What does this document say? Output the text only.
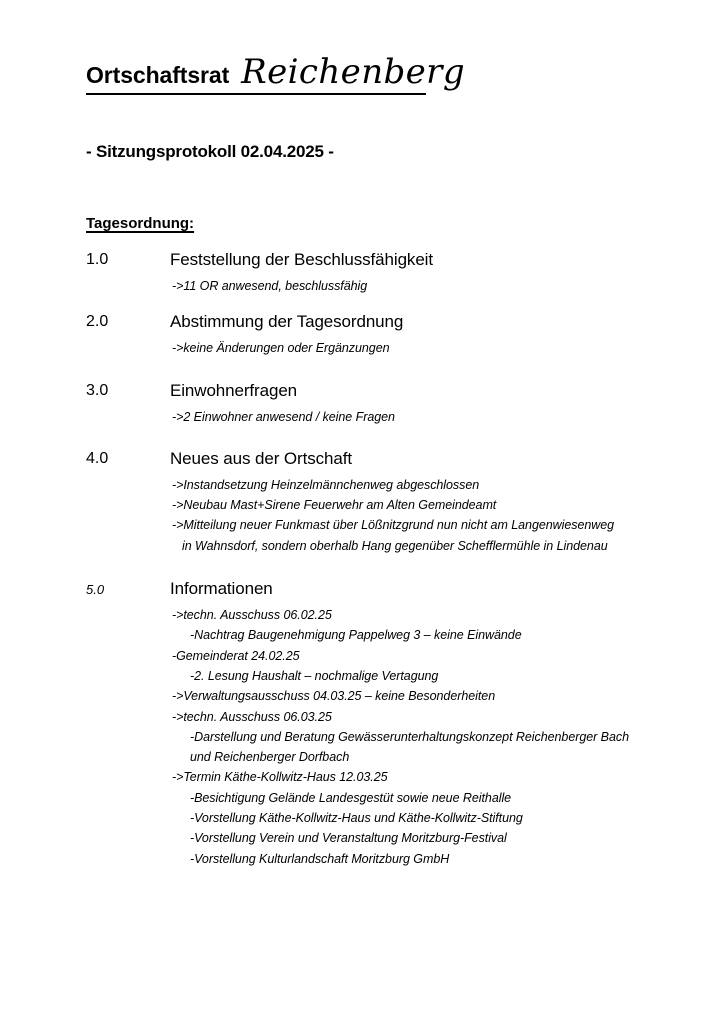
Ortschaftsrat Reichenberg
- Sitzungsprotokoll 02.04.2025 -
Tagesordnung:
1.0	Feststellung der Beschlussfähigkeit
->11 OR anwesend, beschlussfähig
2.0	Abstimmung der Tagesordnung
->keine Änderungen oder Ergänzungen
3.0	Einwohnerfragen
->2 Einwohner anwesend / keine Fragen
4.0	Neues aus der Ortschaft
->Instandsetzung Heinzelmännchenweg abgeschlossen
->Neubau Mast+Sirene Feuerwehr am Alten Gemeindeamt
->Mitteilung neuer Funkmast über Lößnitzgrund nun nicht am Langenwiesenweg
in Wahnsdorf, sondern oberhalb Hang gegenüber Schefflermühle in Lindenau
5.0	Informationen
->techn. Ausschuss 06.02.25
-Nachtrag Baugenehmigung Pappelweg 3 – keine Einwände
-Gemeinderat 24.02.25
-2. Lesung Haushalt – nochmalige Vertagung
->Verwaltungsausschuss 04.03.25 – keine Besonderheiten
->techn. Ausschuss 06.03.25
-Darstellung und Beratung Gewässerunterhaltungskonzept Reichenberger Bach
und Reichenberger Dorfbach
->Termin Käthe-Kollwitz-Haus 12.03.25
-Besichtigung Gelände Landesgestüt sowie neue Reithalle
-Vorstellung Käthe-Kollwitz-Haus und Käthe-Kollwitz-Stiftung
-Vorstellung Verein und Veranstaltung Moritzburg-Festival
-Vorstellung Kulturlandschaft Moritzburg GmbH
